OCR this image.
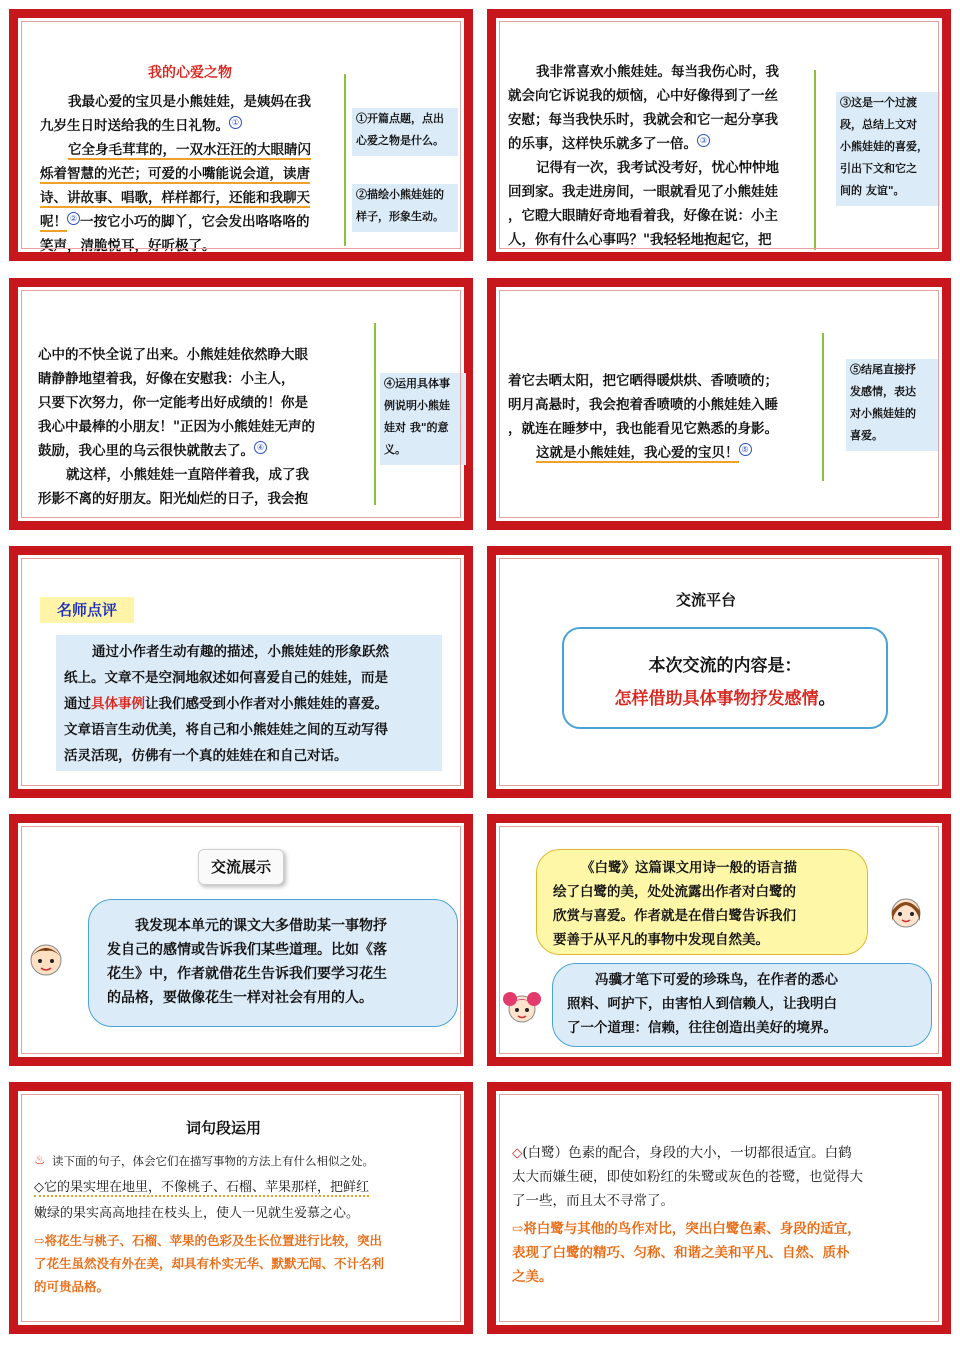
我的心爱之物
我最心爱的宝贝是小熊娃娃，是姨妈在我
九岁生日时送给我的生日礼物。 ①
它全身毛茸茸的，一双水汪汪的大眼睛闪
烁着智慧的光芒；可爱的小嘴能说会道，读唐
诗、讲故事、唱歌，样样都行，还能和我聊天
呢！ ② 一按它小巧的脚丫，它会发出咯咯咯的
笑声，清脆悦耳，好听极了。
①开篇点题，点出
心爱之物是什么。
②描绘小熊娃娃的
样子，形象生动。
我非常喜欢小熊娃娃。每当我伤心时，我
就会向它诉说我的烦恼，心中好像得到了一丝
安慰；每当我快乐时，我就会和它一起分享我
的乐事，这样快乐就多了一倍。 ③
记得有一次，我考试没考好，忧心忡忡地
回到家。我走进房间，一眼就看见了小熊娃娃
，它瞪大眼睛好奇地看着我，好像在说：小主
人，你有什么心事吗？"我轻轻地抱起它，把
③这是一个过渡
段，总结上文对
小熊娃娃的喜爱，
引出下文和它之
间的 友谊"。
心中的不快全说了出来。小熊娃娃依然睁大眼
睛静静地望着我，好像在安慰我：小主人，
只要下次努力，你一定能考出好成绩的！你是
我心中最棒的小朋友！"正因为小熊娃娃无声的
鼓励，我心里的乌云很快就散去了。 ④
就这样，小熊娃娃一直陪伴着我，成了我
形影不离的好朋友。阳光灿烂的日子，我会抱
④运用具体事
例说明小熊娃
娃对 我"的意
义。
着它去晒太阳，把它晒得暖烘烘、香喷喷的；
明月高悬时，我会抱着香喷喷的小熊娃娃入睡
，就连在睡梦中，我也能看见它熟悉的身影。
这就是小熊娃娃，我心爱的宝贝！ ⑤
⑤结尾直接抒
发感情，表达
对小熊娃娃的
喜爱。
名师点评
通过小作者生动有趣的描述，小熊娃娃的形象跃然
纸上。文章不是空洞地叙述如何喜爱自己的娃娃，而是
通过具体事例让我们感受到小作者对小熊娃娃的喜爱。
文章语言生动优美，将自己和小熊娃娃之间的互动写得
活灵活现，仿佛有一个真的娃娃在和自己对话。
交流平台
本次交流的内容是：
怎样借助具体事物抒发感情。
交流展示
我发现本单元的课文大多借助某一事物抒
发自己的感情或告诉我们某些道理。比如《落
花生》中，作者就借花生告诉我们要学习花生
的品格，要做像花生一样对社会有用的人。
《白鹭》这篇课文用诗一般的语言描
绘了白鹭的美，处处流露出作者对白鹭的
欣赏与喜爱。作者就是在借白鹭告诉我们
要善于从平凡的事物中发现自然美。
冯骥才笔下可爱的珍珠鸟，在作者的悉心
照料、呵护下，由害怕人到信赖人，让我明白
了一个道理：信赖，往往创造出美好的境界。
词句段运用
♨ 读下面的句子，体会它们在描写事物的方法上有什么相似之处。
◇它的果实埋在地里，不像桃子、石榴、苹果那样，把鲜红
嫩绿的果实高高地挂在枝头上，使人一见就生爱慕之心。
⇨将花生与桃子、石榴、苹果的色彩及生长位置进行比较，突出
了花生虽然没有外在美，却具有朴实无华、默默无闻、不计名利
的可贵品格。
◇(白鹭）色素的配合，身段的大小，一切都很适宜。白鹤
太大而嫌生硬，即使如粉红的朱鹭或灰色的苍鹭，也觉得大
了一些，而且太不寻常了。
⇨将白鹭与其他的鸟作对比，突出白鹭色素、身段的适宜，
表现了白鹭的精巧、匀称、和谐之美和平凡、自然、质朴
之美。
